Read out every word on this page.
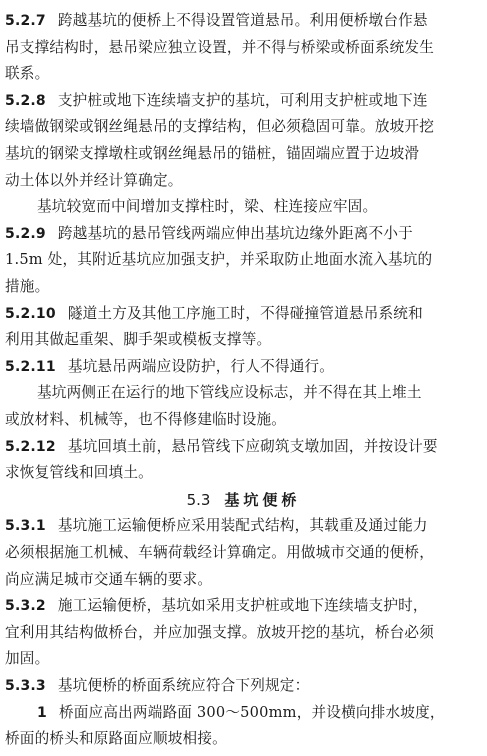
5.2.7 跨越基坑的便桥上不得设置管道悬吊。利用便桥墩台作悬
吊支撑结构时，悬吊梁应独立设置，并不得与桥梁或桥面系统发生
联系。
5.2.8 支护桩或地下连续墙支护的基坑，可利用支护桩或地下连
续墙做钢梁或钢丝绳悬吊的支撑结构，但必须稳固可靠。放坡开挖
基坑的钢梁支撑墩柱或钢丝绳悬吊的锚桩，锚固端应置于边坡滑
动土体以外并经计算确定。
基坑较宽而中间增加支撑柱时，梁、柱连接应牢固。
5.2.9 跨越基坑的悬吊管线两端应伸出基坑边缘外距离不小于
1.5m 处，其附近基坑应加强支护，并采取防止地面水流入基坑的
措施。
5.2.10 隧道土方及其他工序施工时，不得碰撞管道悬吊系统和
利用其做起重架、脚手架或模板支撑等。
5.2.11 基坑悬吊两端应设防护，行人不得通行。
基坑两侧正在运行的地下管线应设标志，并不得在其上堆土
或放材料、机械等，也不得修建临时设施。
5.2.12 基坑回填土前，悬吊管线下应砌筑支墩加固，并按设计要
求恢复管线和回填土。
5.3 基坑便桥
5.3.1 基坑施工运输便桥应采用装配式结构，其载重及通过能力
必须根据施工机械、车辆荷载经计算确定。用做城市交通的便桥，
尚应满足城市交通车辆的要求。
5.3.2 施工运输便桥，基坑如采用支护桩或地下连续墙支护时，
宜利用其结构做桥台，并应加强支撑。放坡开挖的基坑，桥台必须
加固。
5.3.3 基坑便桥的桥面系统应符合下列规定：
1 桥面应高出两端路面 300～500mm，并设横向排水坡度，
桥面的桥头和原路面应顺坡相接。
